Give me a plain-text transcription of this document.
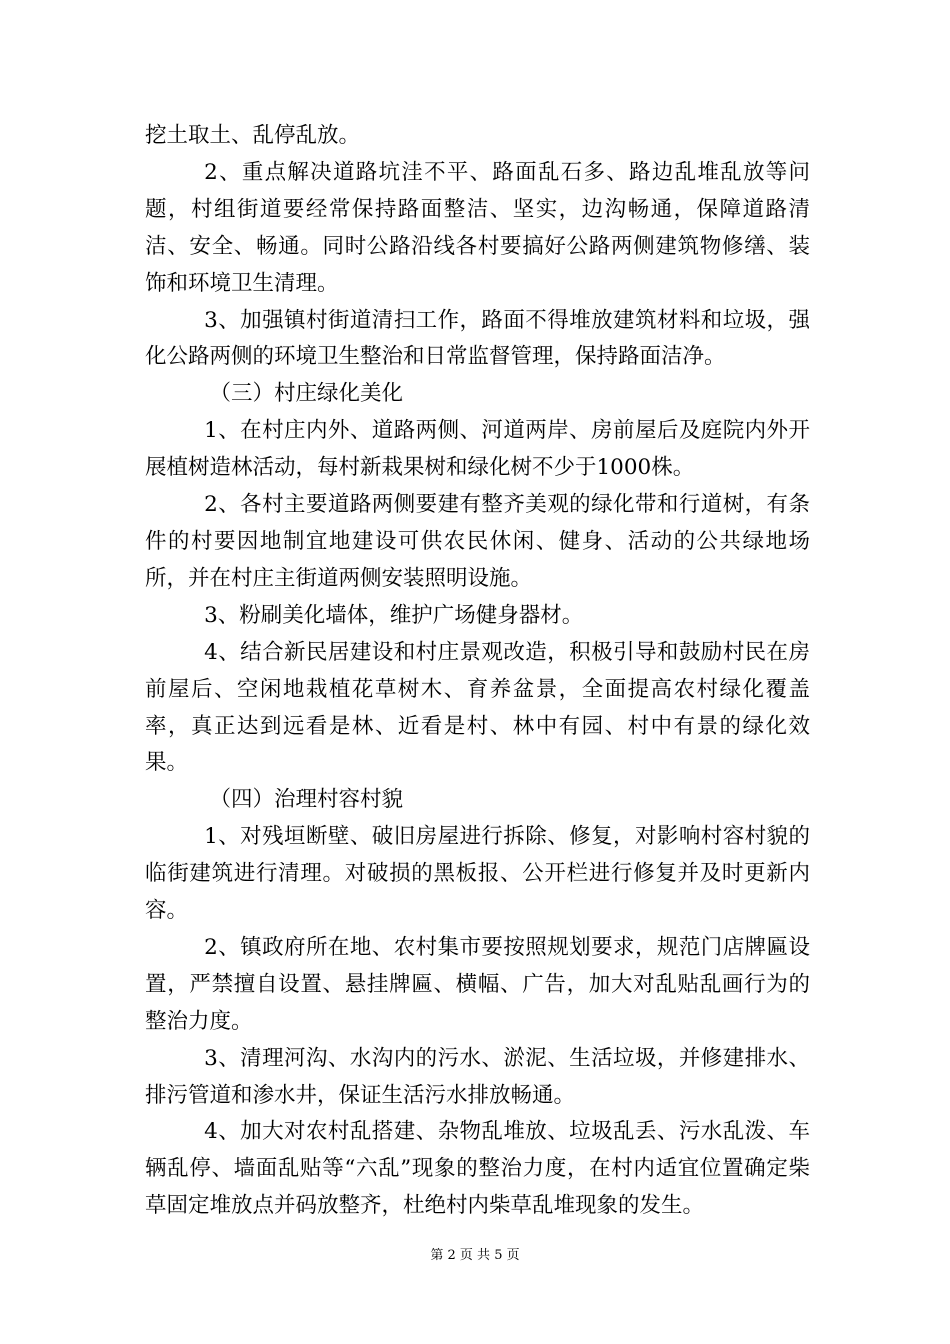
挖土取土、乱停乱放。

2、重点解决道路坑洼不平、路面乱石多、路边乱堆乱放等问题，村组街道要经常保持路面整洁、坚实，边沟畅通，保障道路清洁、安全、畅通。同时公路沿线各村要搞好公路两侧建筑物修缮、装饰和环境卫生清理。

3、加强镇村街道清扫工作，路面不得堆放建筑材料和垃圾，强化公路两侧的环境卫生整治和日常监督管理，保持路面洁净。

（三）村庄绿化美化

1、在村庄内外、道路两侧、河道两岸、房前屋后及庭院内外开展植树造林活动，每村新栽果树和绿化树不少于1000株。

2、各村主要道路两侧要建有整齐美观的绿化带和行道树，有条件的村要因地制宜地建设可供农民休闲、健身、活动的公共绿地场所，并在村庄主街道两侧安装照明设施。

3、粉刷美化墙体，维护广场健身器材。

4、结合新民居建设和村庄景观改造，积极引导和鼓励村民在房前屋后、空闲地栽植花草树木、育养盆景，全面提高农村绿化覆盖率，真正达到远看是林、近看是村、林中有园、村中有景的绿化效果。

（四）治理村容村貌

1、对残垣断壁、破旧房屋进行拆除、修复，对影响村容村貌的临街建筑进行清理。对破损的黑板报、公开栏进行修复并及时更新内容。

2、镇政府所在地、农村集市要按照规划要求，规范门店牌匾设置，严禁擅自设置、悬挂牌匾、横幅、广告，加大对乱贴乱画行为的整治力度。

3、清理河沟、水沟内的污水、淤泥、生活垃圾，并修建排水、排污管道和渗水井，保证生活污水排放畅通。

4、加大对农村乱搭建、杂物乱堆放、垃圾乱丢、污水乱泼、车辆乱停、墙面乱贴等“六乱”现象的整治力度，在村内适宜位置确定柴草固定堆放点并码放整齐，杜绝村内柴草乱堆现象的发生。

第 2 页 共 5 页
